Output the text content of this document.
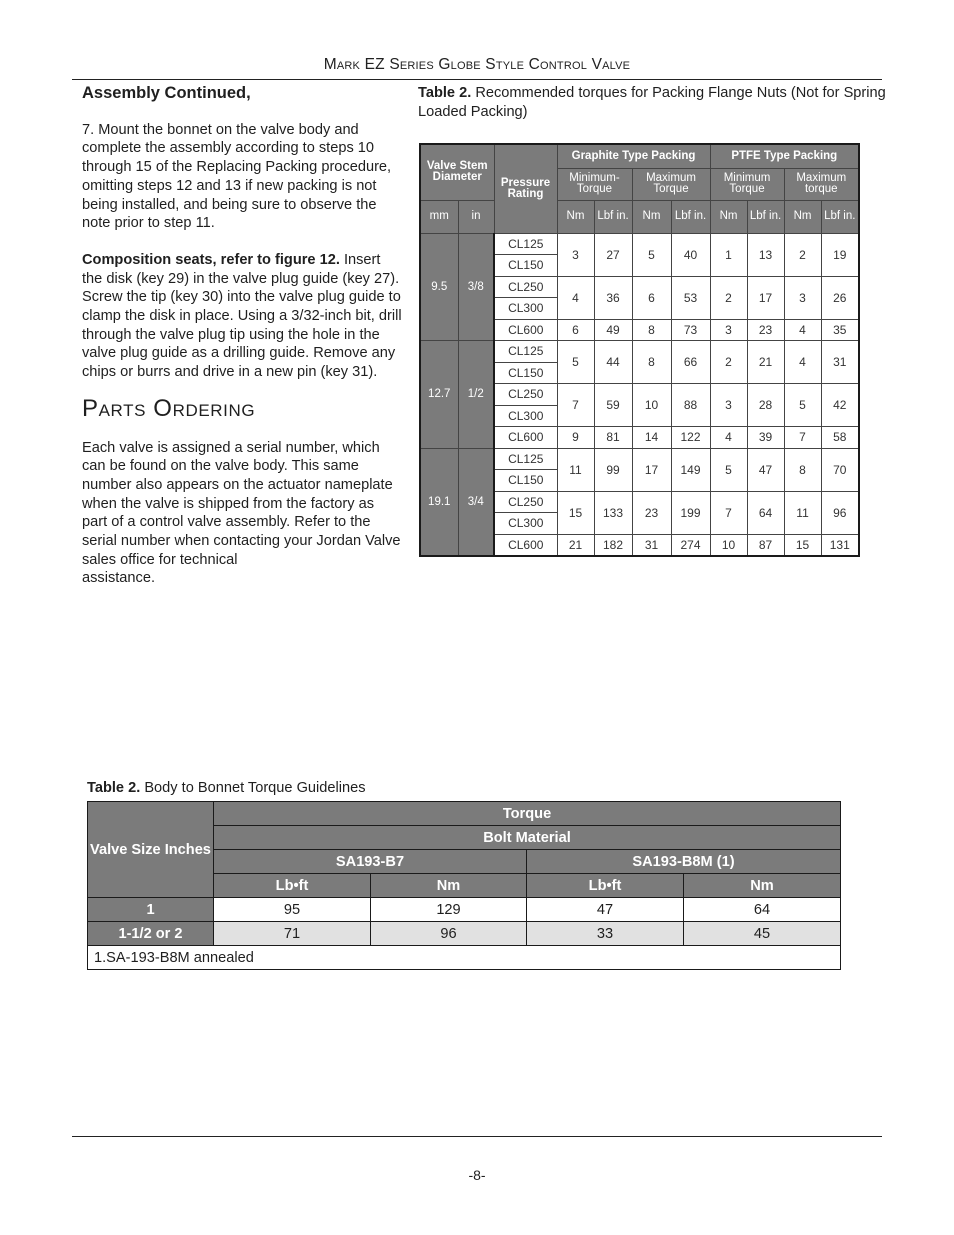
Mark EZ Series Globe Style Control Valve
Assembly Continued,

7. Mount the bonnet on the valve body and complete the assembly according to steps 10 through 15 of the Replacing Packing procedure, omitting steps 12 and 13 if new packing is not being installed, and being sure to observe the note prior to step 11.

Composition seats, refer to figure 12. Insert the disk (key 29) in the valve plug guide (key 27). Screw the tip (key 30) into the valve plug guide to clamp the disk in place. Using a 3/32-inch bit, drill through the valve plug tip using the hole in the valve plug guide as a drilling guide. Remove any chips or burrs and drive in a new pin (key 31).

Parts Ordering

Each valve is assigned a serial number, which can be found on the valve body. This same number also appears on the actuator nameplate when the valve is shipped from the factory as part of a control valve assembly. Refer to the serial number when contacting your Jordan Valve sales office for technical

assistance.

Table 2. Recommended torques for Packing Flange Nuts (Not for Spring Loaded Packing)
Valve Stem Diameter		Pressure Rating	Graphite Type Packing				PTFE Type Packing			
			Minimum-Torque		Maximum Torque		Minimum Torque		Maximum torque	
mm	in		Nm	Lbf in.	Nm	Lbf in.	Nm	Lbf in.	Nm	Lbf in.
9.5	3/8	CL125	3	27	5	40	1	13	2	19
		CL150								
		CL250	4	36	6	53	2	17	3	26
		CL300								
		CL600	6	49	8	73	3	23	4	35
12.7	1/2	CL125	5	44	8	66	2	21	4	31
		CL150								
		CL250	7	59	10	88	3	28	5	42
		CL300								
		CL600	9	81	14	122	4	39	7	58
19.1	3/4	CL125	11	99	17	149	5	47	8	70
		CL150								
		CL250	15	133	23	199	7	64	11	96
		CL300								
		CL600	21	182	31	274	10	87	15	131
Table 2. Body to Bonnet Torque Guidelines
Valve Size Inches	Torque			
	Bolt Material			
	SA193-B7		SA193-B8M (1)	
	Lb•ft	Nm	Lb•ft	Nm
1	95	129	47	64
1-1/2 or 2	71	96	33	45
1.SA-193-B8M annealed				
-8-
